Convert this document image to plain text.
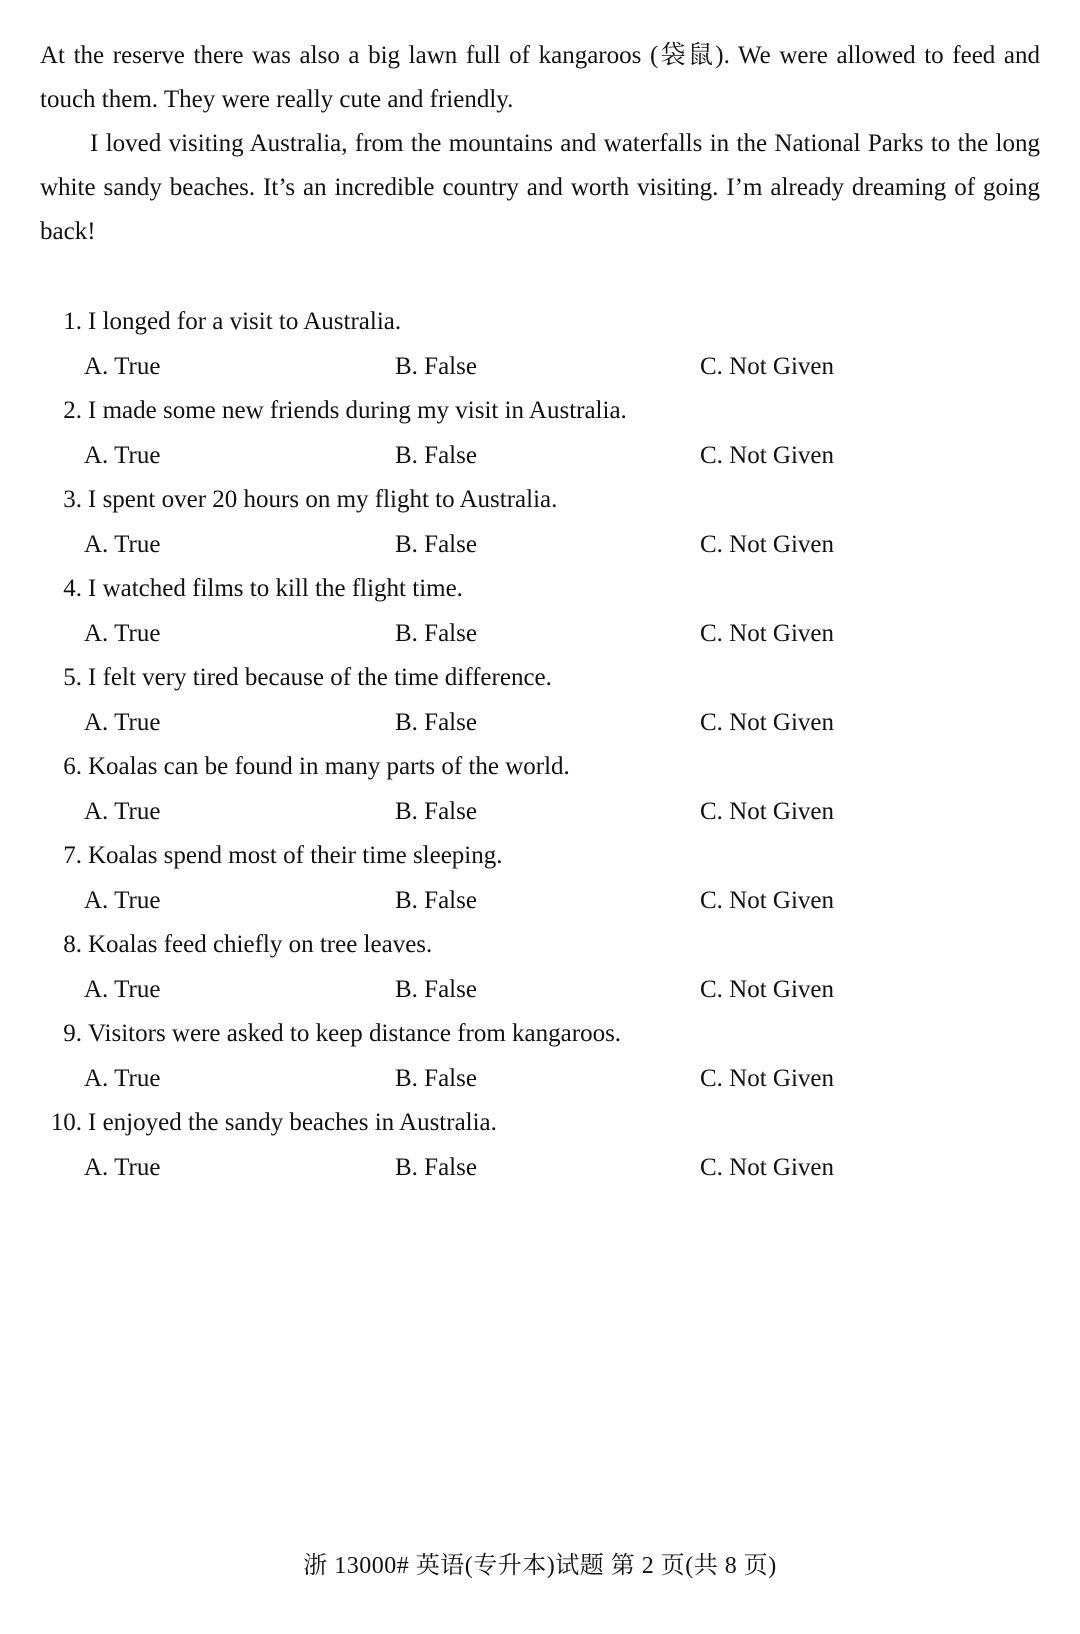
At the reserve there was also a big lawn full of kangaroos (袋鼠). We were allowed to feed and touch them. They were really cute and friendly.

I loved visiting Australia, from the mountains and waterfalls in the National Parks to the long white sandy beaches. It’s an incredible country and worth visiting. I’m already dreaming of going back!

1. I longed for a visit to Australia.
A. True	B. False	C. Not Given
2. I made some new friends during my visit in Australia.
A. True	B. False	C. Not Given
3. I spent over 20 hours on my flight to Australia.
A. True	B. False	C. Not Given
4. I watched films to kill the flight time.
A. True	B. False	C. Not Given
5. I felt very tired because of the time difference.
A. True	B. False	C. Not Given
6. Koalas can be found in many parts of the world.
A. True	B. False	C. Not Given
7. Koalas spend most of their time sleeping.
A. True	B. False	C. Not Given
8. Koalas feed chiefly on tree leaves.
A. True	B. False	C. Not Given
9. Visitors were asked to keep distance from kangaroos.
A. True	B. False	C. Not Given
10. I enjoyed the sandy beaches in Australia.
A. True	B. False	C. Not Given
浙 13000# 英语(专升本)试题 第 2 页(共 8 页)
